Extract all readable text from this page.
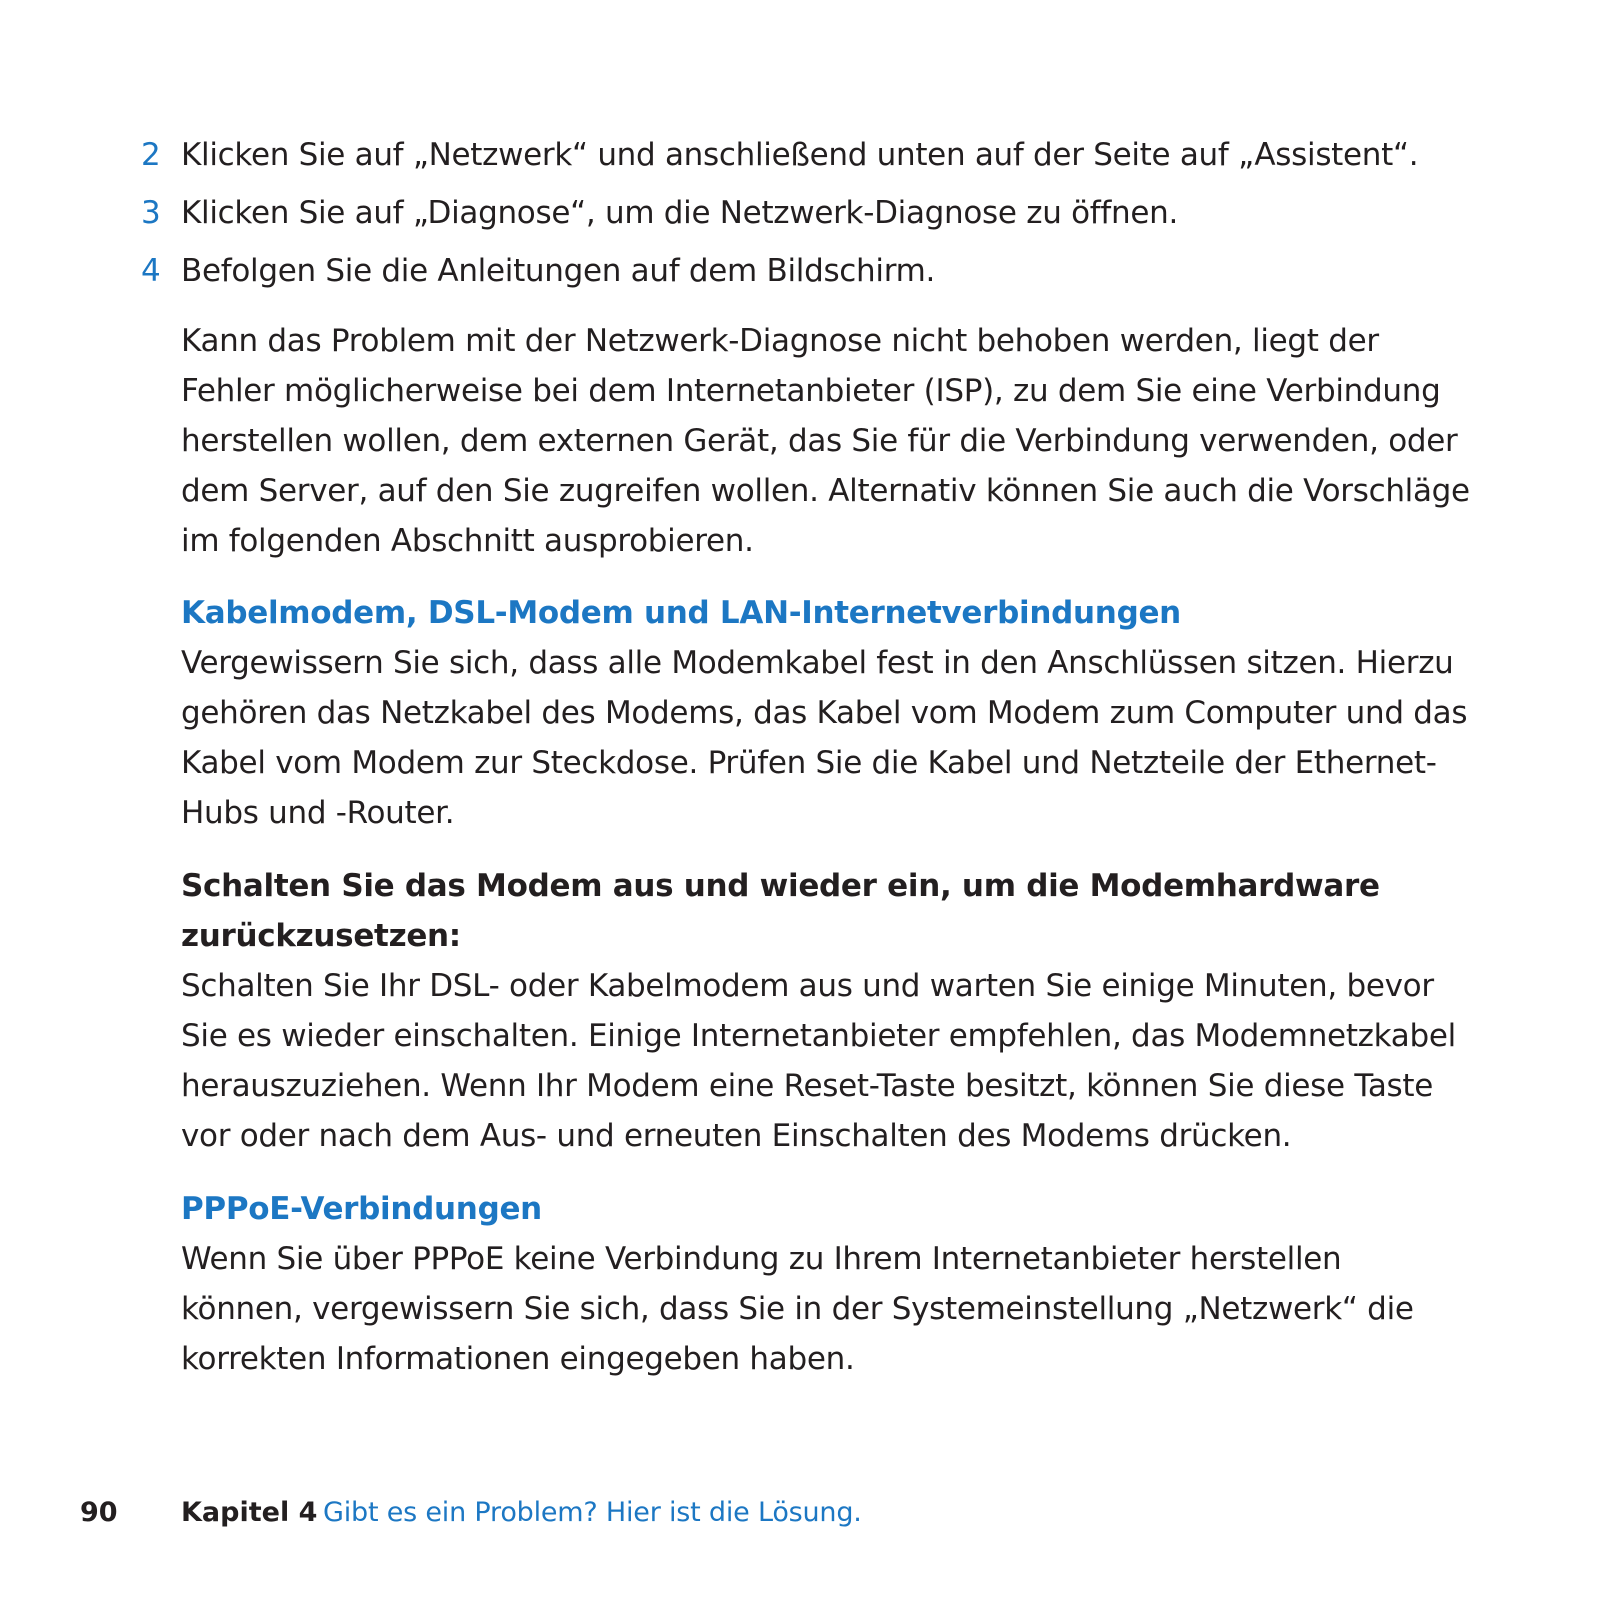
2 Klicken Sie auf „Netzwerk“ und anschließend unten auf der Seite auf „Assistent“.
3 Klicken Sie auf „Diagnose“, um die Netzwerk-Diagnose zu öffnen.
4 Befolgen Sie die Anleitungen auf dem Bildschirm.

Kann das Problem mit der Netzwerk-Diagnose nicht behoben werden, liegt der Fehler möglicherweise bei dem Internetanbieter (ISP), zu dem Sie eine Verbindung herstellen wollen, dem externen Gerät, das Sie für die Verbindung verwenden, oder dem Server, auf den Sie zugreifen wollen. Alternativ können Sie auch die Vorschläge im folgenden Abschnitt ausprobieren.

Kabelmodem, DSL-Modem und LAN-Internetverbindungen

Vergewissern Sie sich, dass alle Modemkabel fest in den Anschlüssen sitzen. Hierzu gehören das Netzkabel des Modems, das Kabel vom Modem zum Computer und das Kabel vom Modem zur Steckdose. Prüfen Sie die Kabel und Netzteile der Ethernet-Hubs und -Router.

Schalten Sie das Modem aus und wieder ein, um die Modemhardware zurückzusetzen:

Schalten Sie Ihr DSL- oder Kabelmodem aus und warten Sie einige Minuten, bevor Sie es wieder einschalten. Einige Internetanbieter empfehlen, das Modemnetzkabel herauszuziehen. Wenn Ihr Modem eine Reset-Taste besitzt, können Sie diese Taste vor oder nach dem Aus- und erneuten Einschalten des Modems drücken.

PPPoE-Verbindungen

Wenn Sie über PPPoE keine Verbindung zu Ihrem Internetanbieter herstellen können, vergewissern Sie sich, dass Sie in der Systemeinstellung „Netzwerk“ die korrekten Informationen eingegeben haben.

90 Kapitel 4 Gibt es ein Problem? Hier ist die Lösung.
